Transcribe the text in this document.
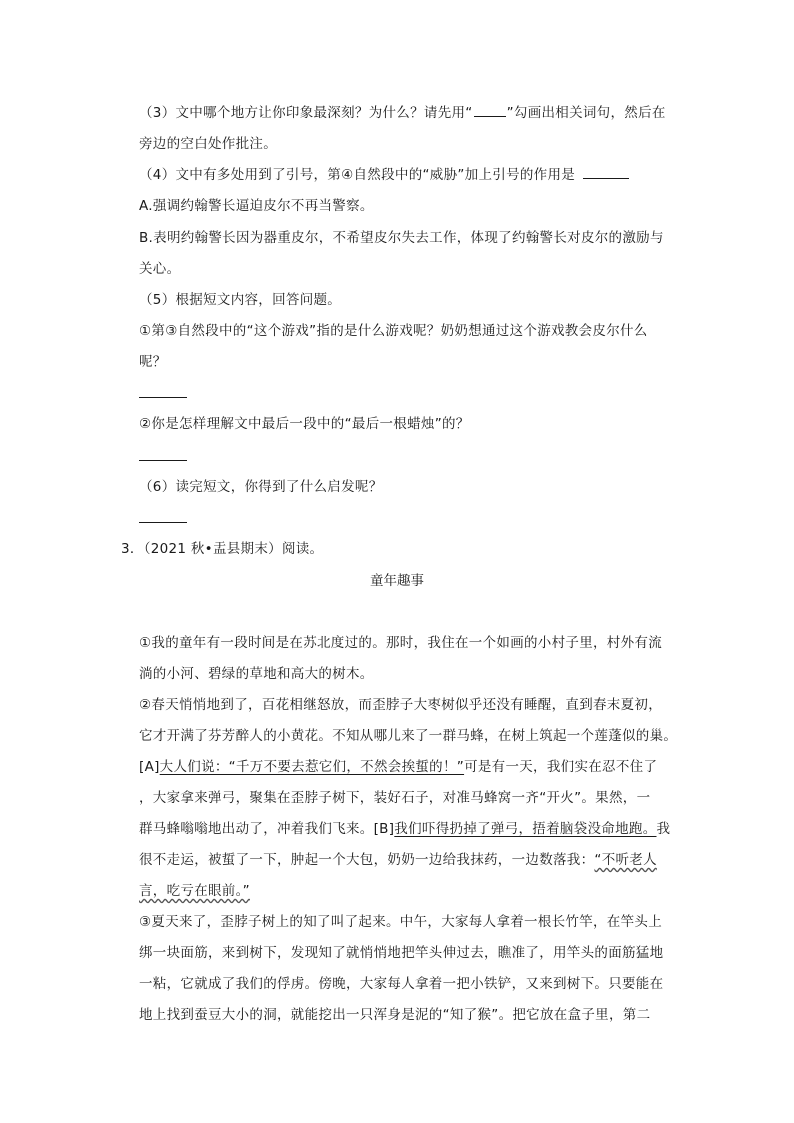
（3）文中哪个地方让你印象最深刻？为什么？请先用“	”勾画出相关词句，然后在
旁边的空白处作批注。
（4）文中有多处用到了引号，第④自然段中的“威胁”加上引号的作用是
A.强调约翰警长逼迫皮尔不再当警察。
B.表明约翰警长因为器重皮尔，不希望皮尔失去工作，体现了约翰警长对皮尔的激励与
关心。
（5）根据短文内容，回答问题。
①第③自然段中的“这个游戏”指的是什么游戏呢？奶奶想通过这个游戏教会皮尔什么
呢？
②你是怎样理解文中最后一段中的“最后一根蜡烛”的？
（6）读完短文，你得到了什么启发呢？
3．（2021 秋•盂县期末）阅读。
童年趣事
①我的童年有一段时间是在苏北度过的。那时，我住在一个如画的小村子里，村外有流
淌的小河、碧绿的草地和高大的树木。
②春天悄悄地到了，百花相继怒放，而歪脖子大枣树似乎还没有睡醒，直到春末夏初，
它才开满了芬芳醉人的小黄花。不知从哪儿来了一群马蜂，在树上筑起一个莲蓬似的巢。
[A]大人们说：“千万不要去惹它们，不然会挨蜇的！”可是有一天，我们实在忍不住了
，大家拿来弹弓，聚集在歪脖子树下，装好石子，对准马蜂窝一齐“开火”。果然，一
群马蜂嗡嗡地出动了，冲着我们飞来。[B]我们吓得扔掉了弹弓，捂着脑袋没命地跑。我
很不走运，被蜇了一下，肿起一个大包，奶奶一边给我抹药，一边数落我：“不听老人
言，吃亏在眼前。”
③夏天来了，歪脖子树上的知了叫了起来。中午，大家每人拿着一根长竹竿，在竿头上
绑一块面筋，来到树下，发现知了就悄悄地把竿头伸过去，瞧准了，用竿头的面筋猛地
一粘，它就成了我们的俘虏。傍晚，大家每人拿着一把小铁铲，又来到树下。只要能在
地上找到蚕豆大小的洞，就能挖出一只浑身是泥的“知了猴”。把它放在盒子里，第二
